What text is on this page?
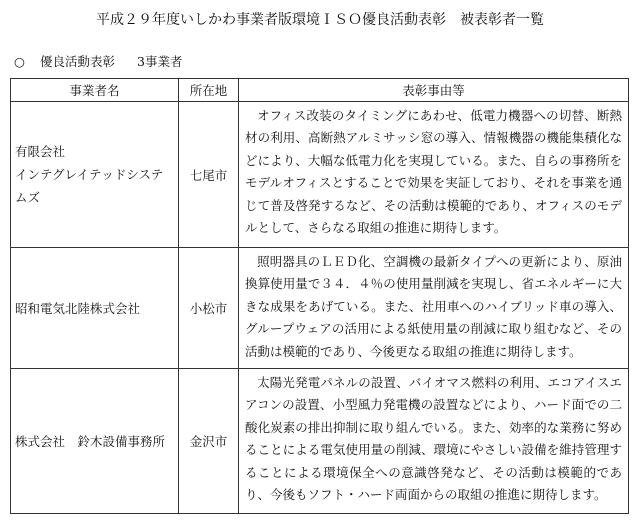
平成２９年度いしかわ事業者版環境ＩＳＯ優良活動表彰　被表彰者一覧
○ 優良活動表彰 3事業者
事業者名	所在地	表彰事由等

有限会社
インテグレイテッドシステムズ	七尾市	オフィス改装のタイミングにあわせ、低電力機器への切替、断熱材の利用、高断熱アルミサッシ窓の導入、情報機器の機能集積化などにより、大幅な低電力化を実現している。また、自らの事務所をモデルオフィスとすることで効果を実証しており、それを事業を通じて普及啓発するなど、その活動は模範的であり、オフィスのモデルとして、さらなる取組の推進に期待します。

昭和電気北陸株式会社	小松市	照明器具のＬＥＤ化、空調機の最新タイプへの更新により、原油換算使用量で３４．４％の使用量削減を実現し、省エネルギーに大きな成果をあげている。また、社用車へのハイブリッド車の導入、グループウェアの活用による紙使用量の削減に取り組むなど、その活動は模範的であり、今後更なる取組の推進に期待します。

株式会社　鈴木設備事務所	金沢市	太陽光発電パネルの設置、バイオマス燃料の利用、エコアイスエアコンの設置、小型風力発電機の設置などにより、ハード面での二酸化炭素の排出抑制に取り組んでいる。また、効率的な業務に努めることによる電気使用量の削減、環境にやさしい設備を維持管理することによる環境保全への意識啓発など、その活動は模範的であり、今後もソフト・ハード両面からの取組の推進に期待します。
